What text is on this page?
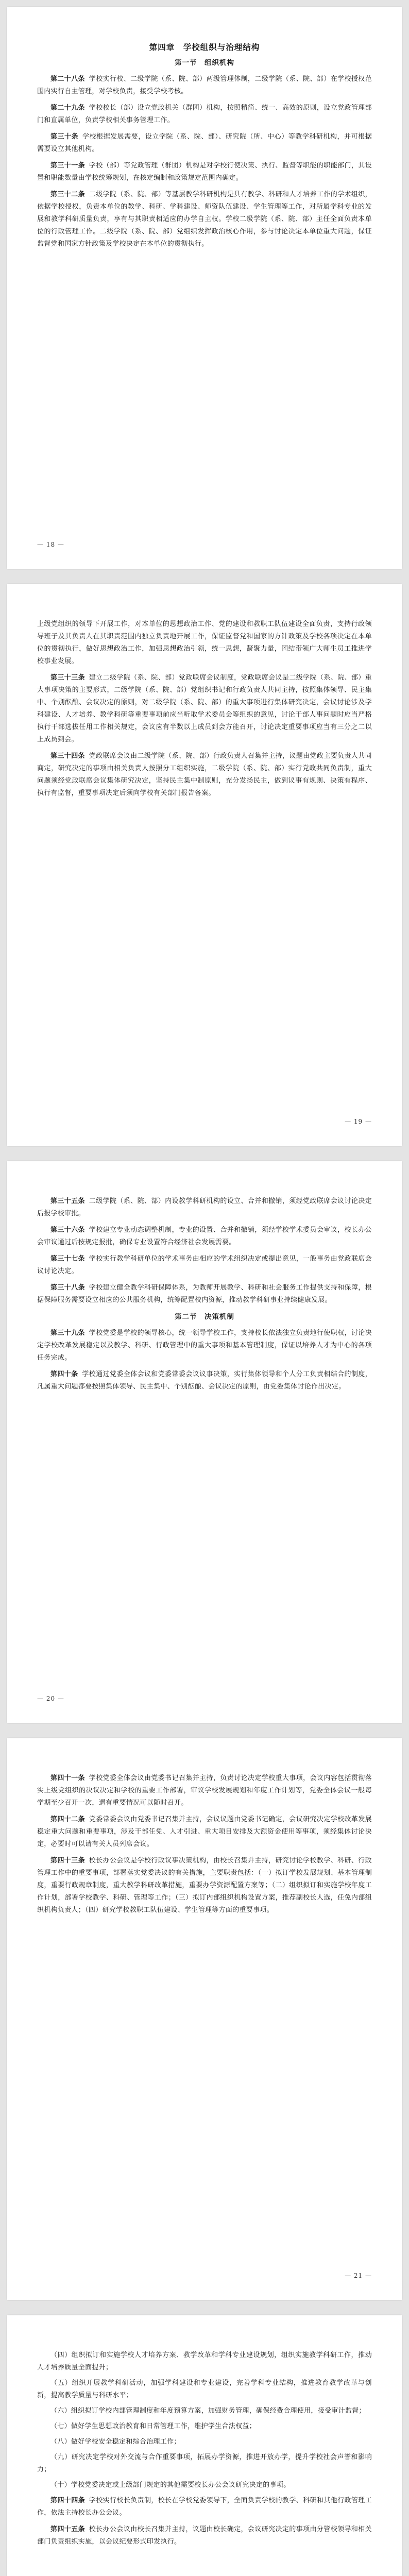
第四章　学校组织与治理结构
第一节　组织机构

第二十八条 学校实行校、二级学院（系、院、部）两级管理体制，二级学院（系、院、部）在学校授权范围内实行自主管理，对学校负责，接受学校考核。

第二十九条 学校校长（部）设立党政机关（群团）机构，按照精简、统一、高效的原则，设立党政管理部门和直属单位，负责学校相关事务管理工作。

第三十条 学校根据发展需要，设立学院（系、院、部）、研究院（所、中心）等教学科研机构，并可根据需要设立其他机构。

第三十一条 学校（部）等党政管理（群团）机构是对学校行使决策、执行、监督等职能的职能部门，其设置和职能数量由学校统筹规划，在核定编制和政策规定范围内确定。

第三十二条 二级学院（系、院、部）等基层教学科研机构是具有教学、科研和人才培养工作的学术组织，依据学校授权，负责本单位的教学、科研、学科建设、师资队伍建设、学生管理等工作，对所属学科专业的发展和教学科研质量负责，享有与其职责相适应的办学自主权。学校二级学院（系、院、部）主任全面负责本单位的行政管理工作。二级学院（系、院、部）党组织发挥政治核心作用，参与讨论决定本单位重大问题，保证监督党和国家方针政策及学校决定在本单位的贯彻执行。

— 18 —

上级党组织的领导下开展工作，对本单位的思想政治工作、党的建设和教职工队伍建设全面负责，支持行政领导班子及其负责人在其职责范围内独立负责地开展工作，保证监督党和国家的方针政策及学校各项决定在本单位的贯彻执行，做好思想政治工作，加强思想政治引领，统一思想，凝聚力量，团结带领广大师生员工推进学校事业发展。

第三十三条 建立二级学院（系、院、部）党政联席会议制度，党政联席会议是二级学院（系、院、部）重大事项决策的主要形式，二级学院（系、院、部）党组织书记和行政负责人共同主持，按照集体领导、民主集中、个别酝酿、会议决定的原则，对二级学院（系、院、部）的重大事项进行集体研究决定，会议讨论涉及学科建设、人才培养、教学科研等重要事项前应当听取学术委员会等组织的意见，讨论干部人事问题时应当严格执行干部选拔任用工作相关规定，会议应有半数以上成员到会方能召开，讨论决定重要事项应当有三分之二以上成员到会。

第三十四条 党政联席会议由二级学院（系、院、部）行政负责人召集并主持，议题由党政主要负责人共同商定，研究决定的事项由相关负责人按照分工组织实施，二级学院（系、院、部）实行党政共同负责制，重大问题须经党政联席会议集体研究决定，坚持民主集中制原则，充分发扬民主，做到议事有规则、决策有程序、执行有监督，重要事项决定后须向学校有关部门报告备案。

— 19 —

第三十五条 二级学院（系、院、部）内设教学科研机构的设立、合并和撤销，须经党政联席会议讨论决定后报学校审批。

第三十六条 学校建立专业动态调整机制，专业的设置、合并和撤销，须经学校学术委员会审议，校长办公会审议通过后按规定报批，确保专业设置符合经济社会发展需要。

第三十七条 学校实行教学科研单位的学术事务由相应的学术组织决定或提出意见，一般事务由党政联席会议讨论决定。

第三十八条 学校建立健全教学科研保障体系，为教师开展教学、科研和社会服务工作提供支持和保障，根据保障服务需要设立相应的公共服务机构，统筹配置校内资源，推动教学科研事业持续健康发展。

第二节　决策机制

第三十九条 学校党委是学校的领导核心，统一领导学校工作，支持校长依法独立负责地行使职权，讨论决定学校改革发展稳定以及教学、科研、行政管理中的重大事项和基本管理制度，保证以培养人才为中心的各项任务完成。

第四十条 学校通过党委全体会议和党委常委会议议事决策，实行集体领导和个人分工负责相结合的制度，凡属重大问题都要按照集体领导、民主集中、个别酝酿、会议决定的原则，由党委集体讨论作出决定。

— 20 —

第四十一条 学校党委全体会议由党委书记召集并主持，负责讨论决定学校重大事项，会议内容包括贯彻落实上级党组织的决议决定和学校的重要工作部署，审议学校发展规划和年度工作计划等，党委全体会议一般每学期至少召开一次，遇有重要情况可以随时召开。

第四十二条 党委常委会议由党委书记召集并主持，会议议题由党委书记确定，会议研究决定学校改革发展稳定重大问题和重要事项，涉及干部任免、人才引进、重大项目安排及大额资金使用等事项，须经集体讨论决定，必要时可以请有关人员列席会议。

第四十三条 校长办公会议是学校行政议事决策机构，由校长召集并主持，研究讨论学校教学、科研、行政管理工作中的重要事项，部署落实党委决议的有关措施，主要职责包括：（一）拟订学校发展规划、基本管理制度，重要行政规章制度，重大教学科研改革措施，重要办学资源配置方案等；（二）组织拟订和实施学校年度工作计划，部署学校教学、科研、管理等工作；（三）拟订内部组织机构设置方案，推荐副校长人选，任免内部组织机构负责人；（四）研究学校教职工队伍建设、学生管理等方面的重要事项。

— 21 —

（四）组织拟订和实施学校人才培养方案、教学改革和学科专业建设规划，组织实施教学科研工作，推动人才培养质量全面提升；

（五）组织开展教学科研活动，加强学科建设和专业建设，完善学科专业结构，推进教育教学改革与创新，提高教学质量与科研水平；

（六）组织拟订学校内部管理制度和年度预算方案，加强财务管理，确保经费合理使用，接受审计监督；

（七）做好学生思想政治教育和日常管理工作，维护学生合法权益；

（八）做好学校安全稳定和综合治理工作；

（九）研究决定学校对外交流与合作重要事项，拓展办学资源，推进开放办学，提升学校社会声誉和影响力；

（十）学校党委决定或上级部门规定的其他需要校长办公会议研究决定的事项。

第四十四条 学校实行校长负责制，校长在学校党委领导下，全面负责学校的教学、科研和其他行政管理工作，依法主持校长办公会议。

第四十五条 校长办公会议由校长召集并主持，议题由校长确定，会议研究决定的事项由分管校领导和相关部门负责组织实施，以会议纪要形式印发执行。
